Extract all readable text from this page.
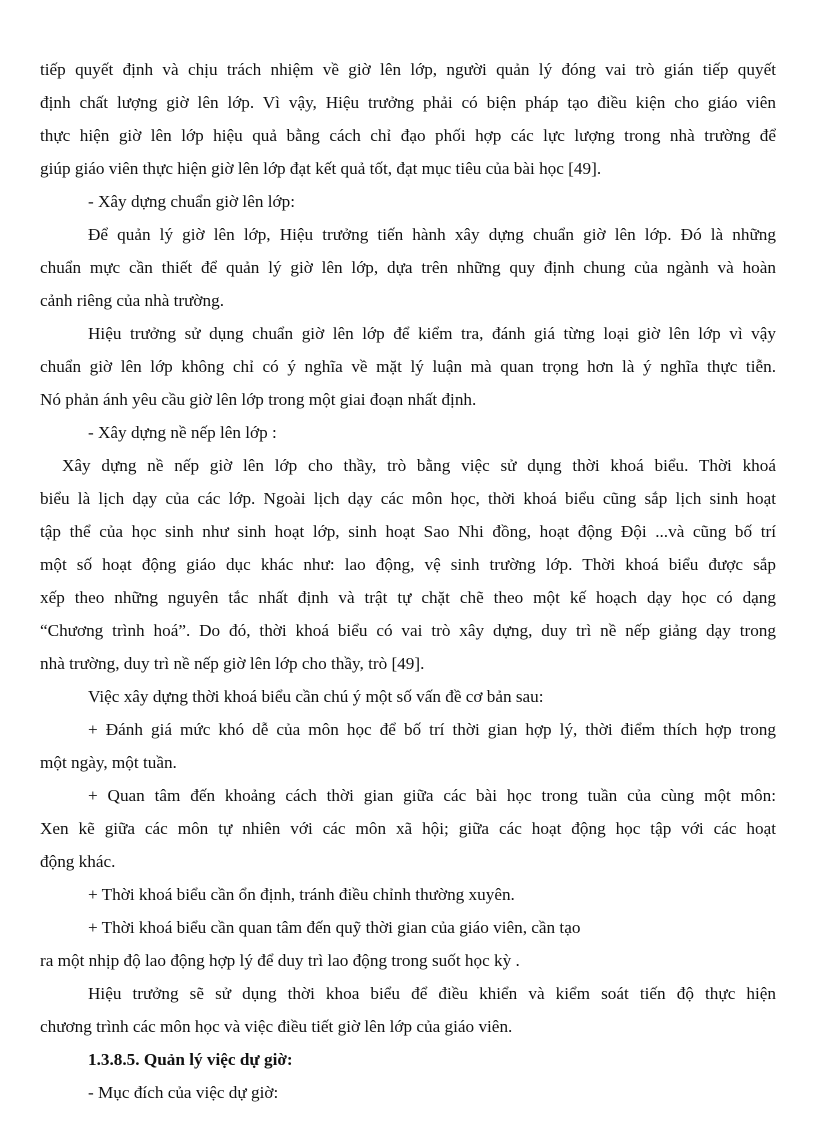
tiếp quyết định và chịu trách nhiệm về giờ lên lớp, người quản lý đóng vai trò gián tiếp quyết
định chất lượng giờ lên lớp. Vì vậy, Hiệu trưởng phải có biện pháp tạo điều kiện cho giáo viên
thực hiện giờ lên lớp hiệu quả bằng cách chỉ đạo phối hợp các lực lượng trong nhà trường để
giúp giáo viên thực hiện giờ lên lớp đạt kết quả tốt, đạt mục tiêu của bài học [49].
- Xây dựng chuẩn giờ lên lớp:
Để quản lý giờ lên lớp, Hiệu trưởng tiến hành xây dựng chuẩn giờ lên lớp. Đó là những
chuẩn mực cần thiết để quản lý giờ lên lớp, dựa trên những quy định chung của ngành và hoàn
cảnh riêng của nhà trường.
Hiệu trưởng sử dụng chuẩn giờ lên lớp để kiểm tra, đánh giá từng loại giờ lên lớp vì vậy
chuẩn giờ lên lớp không chỉ có ý nghĩa về mặt lý luận mà quan trọng hơn là ý nghĩa thực tiễn.
Nó phản ánh yêu cầu giờ lên lớp trong một giai đoạn nhất định.
- Xây dựng nề nếp lên lớp :
Xây dựng nề nếp giờ lên lớp cho thầy, trò bằng việc sử dụng thời khoá biểu. Thời khoá
biểu là lịch dạy của các lớp. Ngoài lịch dạy các môn học, thời khoá biểu cũng sắp lịch sinh hoạt
tập thể của học sinh như sinh hoạt lớp, sinh hoạt Sao Nhi đồng, hoạt động Đội ...và cũng bố trí
một số hoạt động giáo dục khác như: lao động, vệ sinh trường lớp. Thời khoá biểu được sắp
xếp theo những nguyên tắc nhất định và trật tự chặt chẽ theo một kế hoạch dạy học có dạng
“Chương trình hoá”. Do đó, thời khoá biểu có vai trò xây dựng, duy trì nề nếp giảng dạy trong
nhà trường, duy trì nề nếp giờ lên lớp cho thầy, trò [49].
Việc xây dựng thời khoá biểu cần chú ý một số vấn đề cơ bản sau:
+ Đánh giá mức khó dễ của môn học để bố trí thời gian hợp lý, thời điểm thích hợp trong
một ngày, một tuần.
+ Quan tâm đến khoảng cách thời gian giữa các bài học trong tuần của cùng một môn:
Xen kẽ giữa các môn tự nhiên với các môn xã hội; giữa các hoạt động học tập với các hoạt
động khác.
+ Thời khoá biểu cần ổn định, tránh điều chỉnh thường xuyên.
+ Thời khoá biểu cần quan tâm đến quỹ thời gian của giáo viên, cần tạo
ra một nhịp độ lao động hợp lý để duy trì lao động trong suốt học kỳ .
Hiệu trưởng sẽ sử dụng thời khoa biểu để điều khiển và kiểm soát tiến độ thực hiện
chương trình các môn học và việc điều tiết giờ lên lớp của giáo viên.
1.3.8.5. Quản lý việc dự giờ:
- Mục đích của việc dự giờ:
